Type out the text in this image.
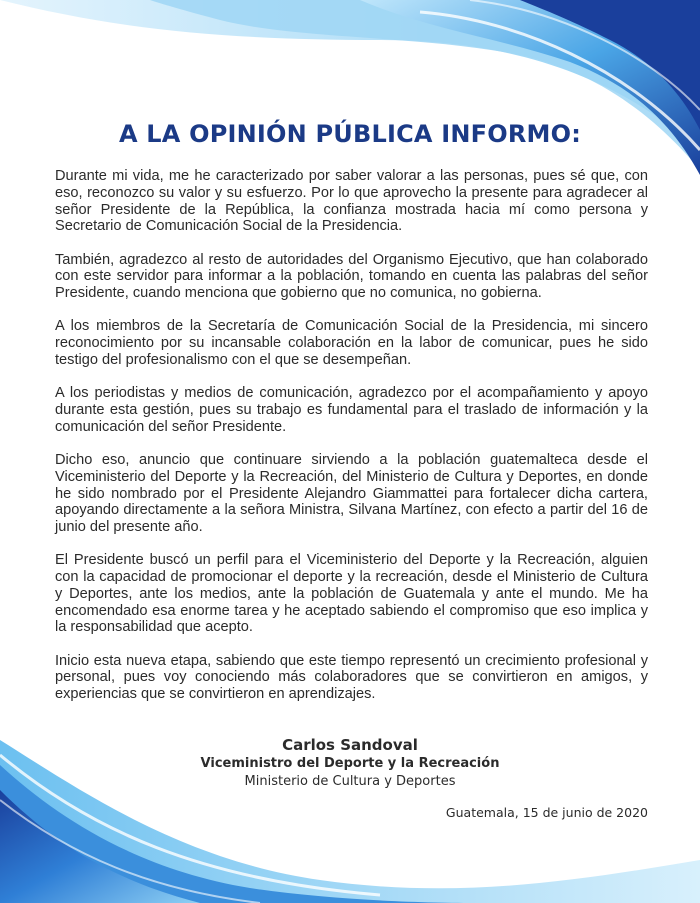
A LA OPINIÓN PÚBLICA INFORMO:

Durante mi vida, me he caracterizado por saber valorar a las personas, pues sé que, con eso, reconozco su valor y su esfuerzo. Por lo que aprovecho la presente para agradecer al señor Presidente de la República, la confianza mostrada hacia mí como persona y Secretario de Comunicación Social de la Presidencia.

También, agradezco al resto de autoridades del Organismo Ejecutivo, que han colaborado con este servidor para informar a la población, tomando en cuenta las palabras del señor Presidente, cuando menciona que gobierno que no comunica, no gobierna.

A los miembros de la Secretaría de Comunicación Social de la Presidencia, mi sincero reconocimiento por su incansable colaboración en la labor de comunicar, pues he sido testigo del profesionalismo con el que se desempeñan.

A los periodistas y medios de comunicación, agradezco por el acompañamiento y apoyo durante esta gestión, pues su trabajo es fundamental para el traslado de información y la comunicación del señor Presidente.

Dicho eso, anuncio que continuare sirviendo a la población guatemalteca desde el Viceministerio del Deporte y la Recreación, del Ministerio de Cultura y Deportes, en donde he sido nombrado por el Presidente Alejandro Giammattei para fortalecer dicha cartera, apoyando directamente a la señora Ministra, Silvana Martínez, con efecto a partir del 16 de junio del presente año.

El Presidente buscó un perfil para el Viceministerio del Deporte y la Recreación, alguien con la capacidad de promocionar el deporte y la recreación, desde el Ministerio de Cultura y Deportes, ante los medios, ante la población de Guatemala y ante el mundo. Me ha encomendado esa enorme tarea y he aceptado sabiendo el compromiso que eso implica y la responsabilidad que acepto.

Inicio esta nueva etapa, sabiendo que este tiempo representó un crecimiento profesional y personal, pues voy conociendo más colaboradores que se convirtieron en amigos, y experiencias que se convirtieron en aprendizajes.

Carlos Sandoval
Viceministro del Deporte y la Recreación
Ministerio de Cultura y Deportes
Guatemala, 15 de junio de 2020
